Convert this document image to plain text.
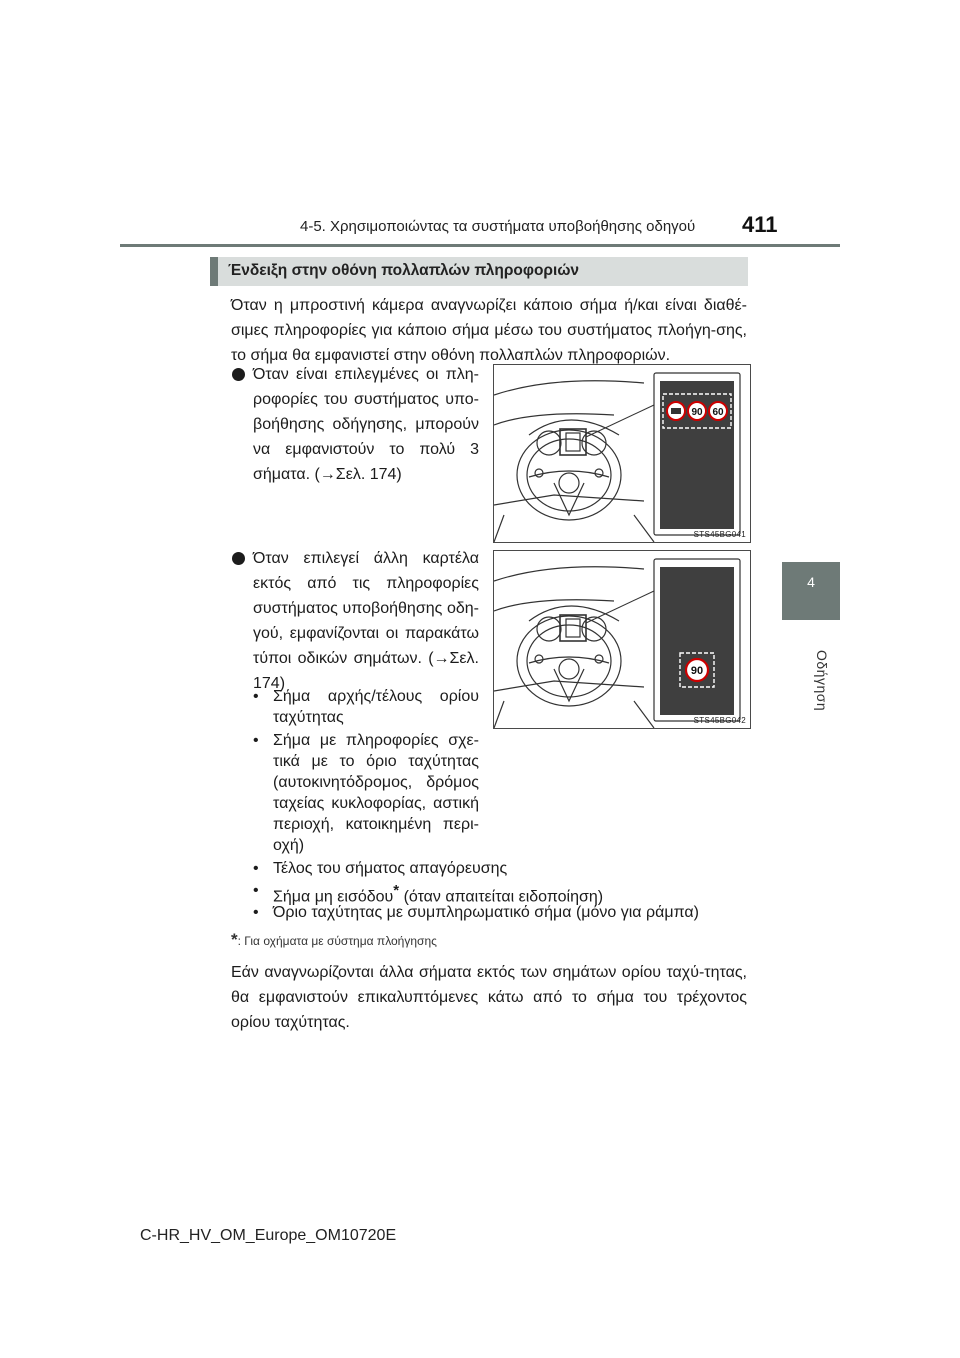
4-5. Χρησιμοποιώντας τα συστήματα υποβοήθησης οδηγού 411
4
Οδήγηση
Ένδειξη στην οθόνη πολλαπλών πληροφοριών
Όταν η μπροστινή κάμερα αναγνωρίζει κάποιο σήμα ή/και είναι διαθέ-σιμες πληροφορίες για κάποιο σήμα μέσω του συστήματος πλοήγη-σης, το σήμα θα εμφανιστεί στην οθόνη πολλαπλών πληροφοριών.
Όταν είναι επιλεγμένες οι πλη-ροφορίες του συστήματος υπο-βοήθησης οδήγησης, μπορούν να εμφανιστούν το πολύ 3 σήματα. (→Σελ. 174)
90 60
STS45BG041
Όταν επιλεγεί άλλη καρτέλα εκτός από τις πληροφορίες συστήματος υποβοήθησης οδη-γού, εμφανίζονται οι παρακάτω τύποι οδικών σημάτων. (→Σελ. 174)
90
STS45BG042
• Σήμα αρχής/τέλους ορίου ταχύτητας
• Σήμα με πληροφορίες σχε-τικά με το όριο ταχύτητας (αυτοκινητόδρομος, δρόμος ταχείας κυκλοφορίας, αστική περιοχή, κατοικημένη περι-οχή)
• Τέλος του σήματος απαγόρευσης
• Σήμα μη εισόδου* (όταν απαιτείται ειδοποίηση)
• Όριο ταχύτητας με συμπληρωματικό σήμα (μόνο για ράμπα)
*: Για οχήματα με σύστημα πλοήγησης
Εάν αναγνωρίζονται άλλα σήματα εκτός των σημάτων ορίου ταχύ-τητας, θα εμφανιστούν επικαλυπτόμενες κάτω από το σήμα του τρέχοντος ορίου ταχύτητας.
C-HR_HV_OM_Europe_OM10720E
